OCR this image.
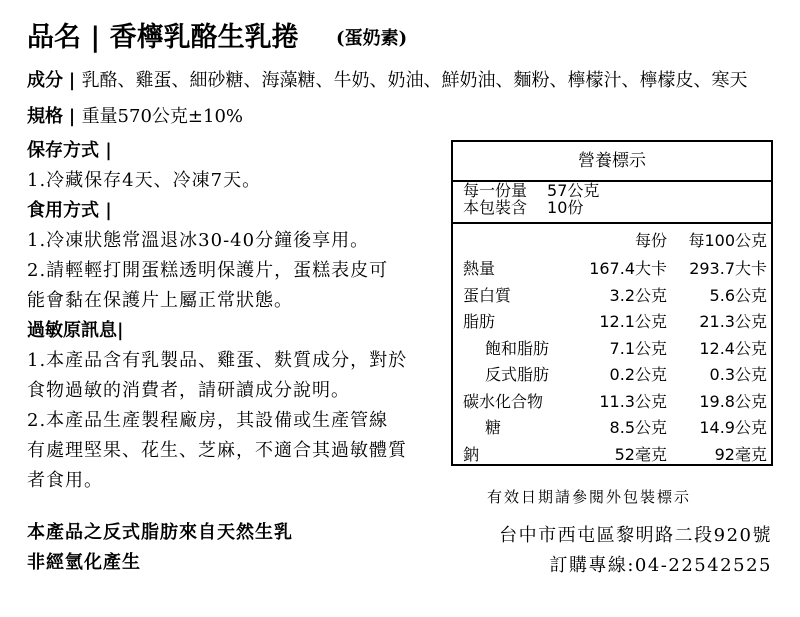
品名 | 香檸乳酪生乳捲 (蛋奶素)
成分 | 乳酪、雞蛋、細砂糖、海藻糖、牛奶、奶油、鮮奶油、麵粉、檸檬汁、檸檬皮、寒天
規格 | 重量570公克±10%
保存方式 |
1.冷藏保存4天、冷凍7天。
食用方式 |
1.冷凍狀態常溫退冰30-40分鐘後享用。
2.請輕輕打開蛋糕透明保護片，蛋糕表皮可
能會黏在保護片上屬正常狀態。
過敏原訊息|
1.本產品含有乳製品、雞蛋、麩質成分，對於
食物過敏的消費者，請研讀成分說明。
2.本產品生產製程廠房，其設備或生產管線
有處理堅果、花生、芝麻，不適合其過敏體質
者食用。
營養標示
每一份量 57公克
本包裝含 10份
每份 每100公克
熱量	167.4大卡 293.7大卡
蛋白質	3.2公克	5.6公克
脂肪	12.1公克 21.3公克
飽和脂肪	7.1公克 12.4公克
反式脂肪	0.2公克	0.3公克
碳水化合物	11.3公克 19.8公克
糖	8.5公克 14.9公克
鈉	52毫克	92毫克
有效日期請參閱外包裝標示
本產品之反式脂肪來自天然生乳
非經氫化產生
台中市西屯區黎明路二段920號
訂購專線:04-22542525
